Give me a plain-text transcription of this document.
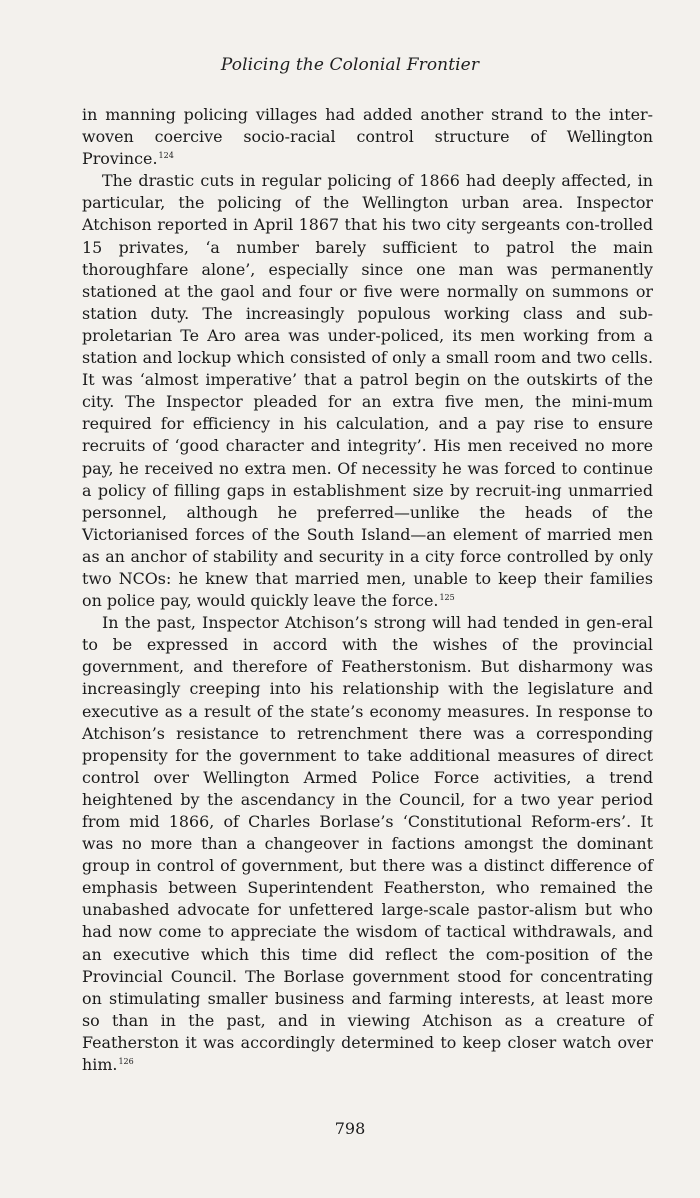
Policing the Colonial Frontier

in manning policing villages had added another strand to the inter-woven coercive socio-racial control structure of Wellington Province.$^{124}$

The drastic cuts in regular policing of 1866 had deeply affected, in particular, the policing of the Wellington urban area. Inspector Atchison reported in April 1867 that his two city sergeants con-trolled 15 privates, ‘a number barely sufficient to patrol the main thoroughfare alone’, especially since one man was permanently stationed at the gaol and four or five were normally on summons or station duty. The increasingly populous working class and sub-proletarian Te Aro area was under-policed, its men working from a station and lockup which consisted of only a small room and two cells. It was ‘almost imperative’ that a patrol begin on the outskirts of the city. The Inspector pleaded for an extra five men, the mini-mum required for efficiency in his calculation, and a pay rise to ensure recruits of ‘good character and integrity’. His men received no more pay, he received no extra men. Of necessity he was forced to continue a policy of filling gaps in establishment size by recruit-ing unmarried personnel, although he preferred—unlike the heads of the Victorianised forces of the South Island—an element of married men as an anchor of stability and security in a city force controlled by only two NCOs: he knew that married men, unable to keep their families on police pay, would quickly leave the force.$^{125}$

In the past, Inspector Atchison’s strong will had tended in gen-eral to be expressed in accord with the wishes of the provincial government, and therefore of Featherstonism. But disharmony was increasingly creeping into his relationship with the legislature and executive as a result of the state’s economy measures. In response to Atchison’s resistance to retrenchment there was a corresponding propensity for the government to take additional measures of direct control over Wellington Armed Police Force activities, a trend heightened by the ascendancy in the Council, for a two year period from mid 1866, of Charles Borlase’s ‘Constitutional Reform-ers’. It was no more than a changeover in factions amongst the dominant group in control of government, but there was a distinct difference of emphasis between Superintendent Featherston, who remained the unabashed advocate for unfettered large-scale pastor-alism but who had now come to appreciate the wisdom of tactical withdrawals, and an executive which this time did reflect the com-position of the Provincial Council. The Borlase government stood for concentrating on stimulating smaller business and farming interests, at least more so than in the past, and in viewing Atchison as a creature of Featherston it was accordingly determined to keep closer watch over him.$^{126}$

798
